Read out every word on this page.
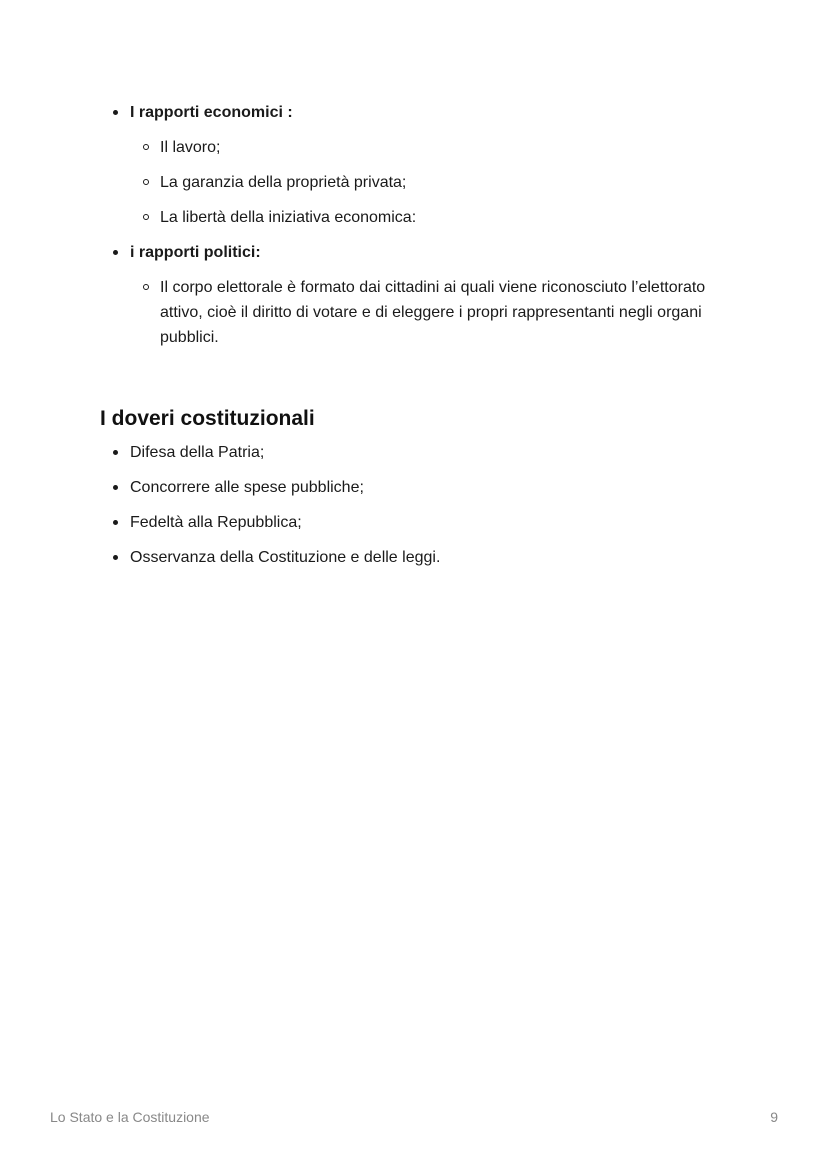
I rapporti economici :
Il lavoro;
La garanzia della proprietà privata;
La libertà della iniziativa economica:
i rapporti politici:
Il corpo elettorale è formato dai cittadini ai quali viene riconosciuto l’elettorato attivo, cioè il diritto di votare e di eleggere i propri rappresentanti negli organi pubblici.
I doveri costituzionali
Difesa della Patria;
Concorrere alle spese pubbliche;
Fedeltà alla Repubblica;
Osservanza della Costituzione e delle leggi.
Lo Stato e la Costituzione	9
